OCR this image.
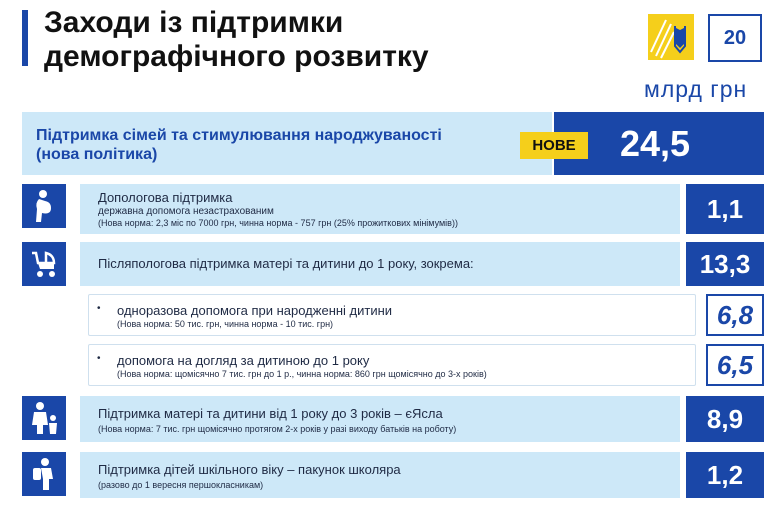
Заходи із підтримки
демографічного розвитку
20
млрд грн
Підтримка сімей та стимулювання народжуваності
(нова політика)	24,5
НОВЕ
Допологова підтримка
державна допомога незастрахованим
(Нова норма: 2,3 міс по 7000 грн, чинна норма - 757 грн (25% прожиткових мінімумів))	1,1
Післяпологова підтримка матері та дитини до 1 року, зокрема:	13,3
• одноразова допомога при народженні дитини
(Нова норма: 50 тис. грн, чинна норма - 10 тис. грн)	6,8
• допомога на догляд за дитиною до 1 року
(Нова норма: щомісячно 7 тис. грн до 1 р., чинна норма: 860 грн щомісячно до 3-х років)	6,5
Підтримка матері та дитини від 1 року до 3 років – єЯсла
(Нова норма: 7 тис. грн щомісячно протягом 2-х років у разі виходу батьків на роботу)	8,9
Підтримка дітей шкільного віку – пакунок школяра
(разово до 1 вересня першокласникам)	1,2
